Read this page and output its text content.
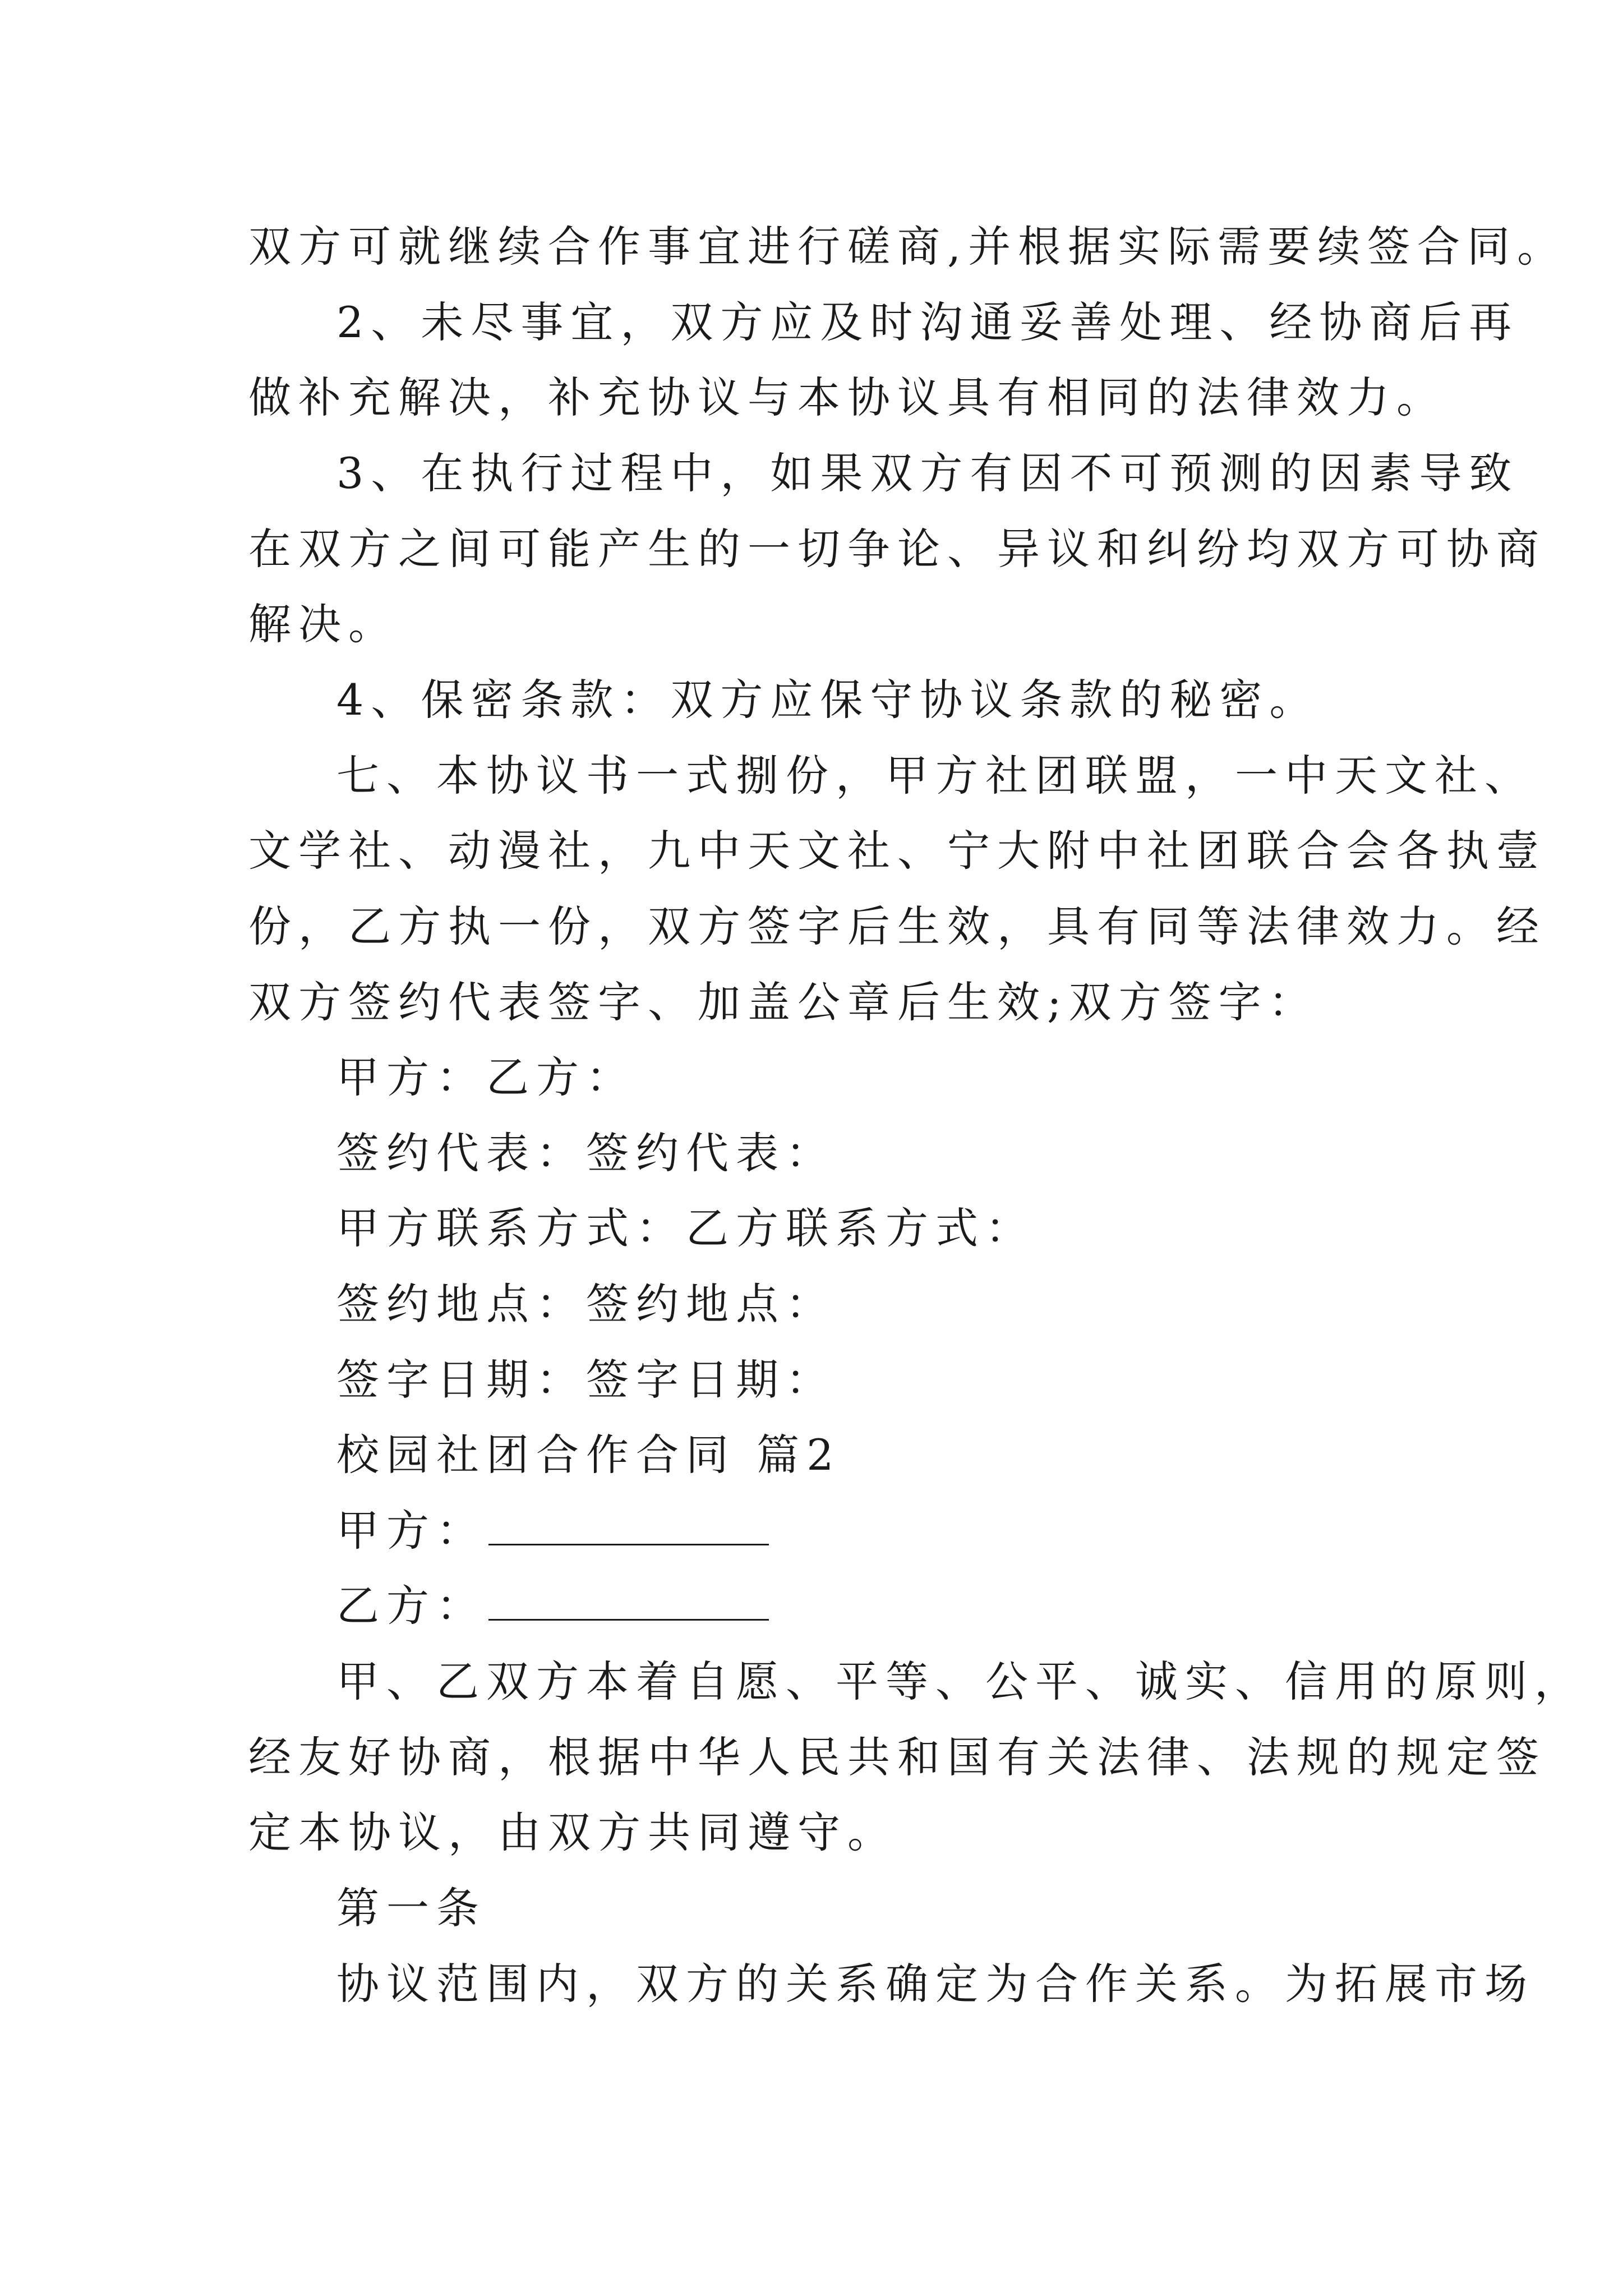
双方可就继续合作事宜进行磋商,并根据实际需要续签合同。
2、未尽事宜，双方应及时沟通妥善处理、经协商后再
做补充解决，补充协议与本协议具有相同的法律效力。
3、在执行过程中，如果双方有因不可预测的因素导致
在双方之间可能产生的一切争论、异议和纠纷均双方可协商
解决。
4、保密条款：双方应保守协议条款的秘密。
七、本协议书一式捌份，甲方社团联盟，一中天文社、
文学社、动漫社，九中天文社、宁大附中社团联合会各执壹
份，乙方执一份，双方签字后生效，具有同等法律效力。经
双方签约代表签字、加盖公章后生效;双方签字：
甲方：乙方：
签约代表：签约代表：
甲方联系方式：乙方联系方式：
签约地点：签约地点：
签字日期：签字日期：
校园社团合作合同 篇2
甲方：
乙方：
甲、乙双方本着自愿、平等、公平、诚实、信用的原则，
经友好协商，根据中华人民共和国有关法律、法规的规定签
定本协议，由双方共同遵守。
第一条
协议范围内，双方的关系确定为合作关系。为拓展市场
